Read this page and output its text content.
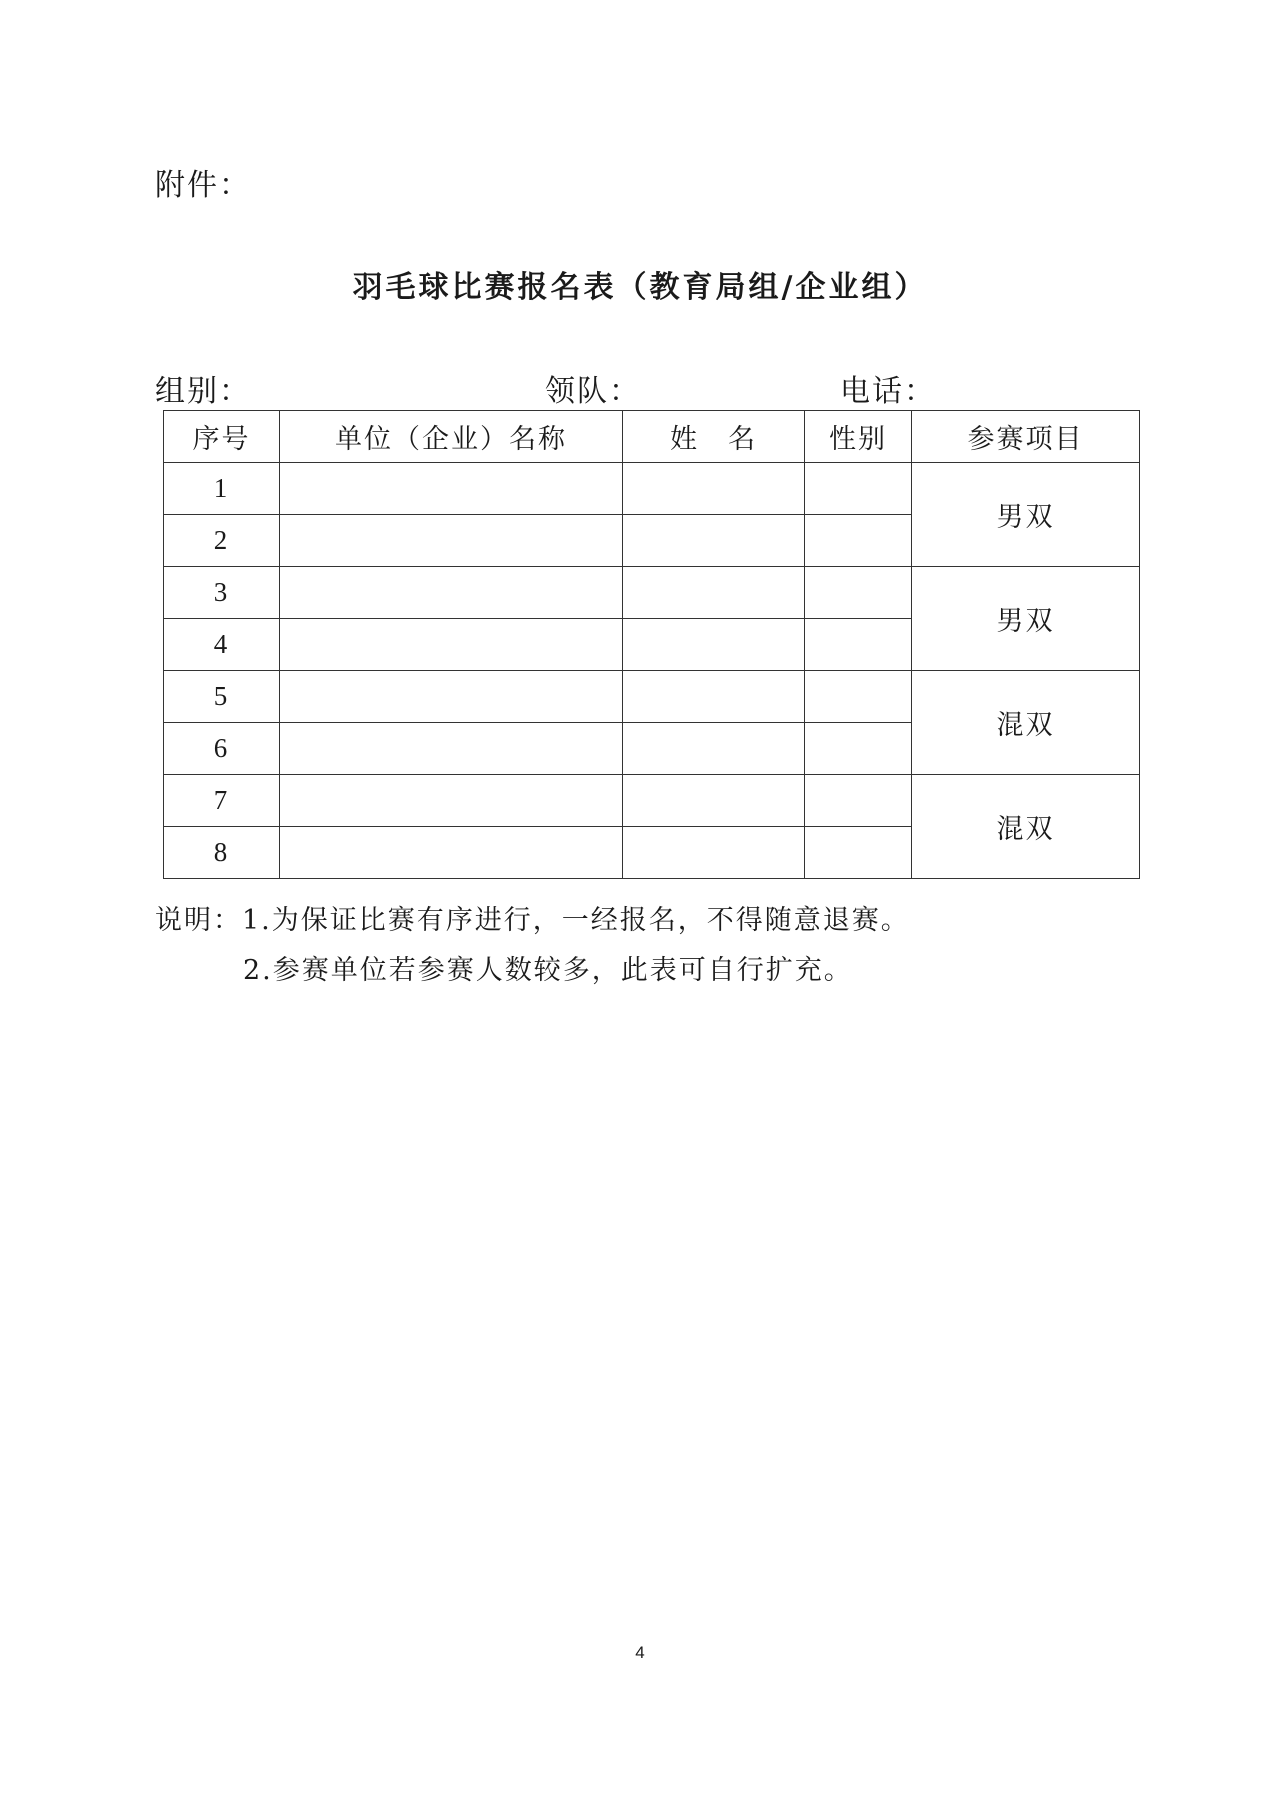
附件：
羽毛球比赛报名表（教育局组/企业组）
组别：	领队：	电话：
序号	单位（企业）名称	姓　名	性别	参赛项目
1				男双
2				
3				男双
4				
5				混双
6				
7				混双
8				
说明：1.为保证比赛有序进行，一经报名，不得随意退赛。
2.参赛单位若参赛人数较多，此表可自行扩充。
4
